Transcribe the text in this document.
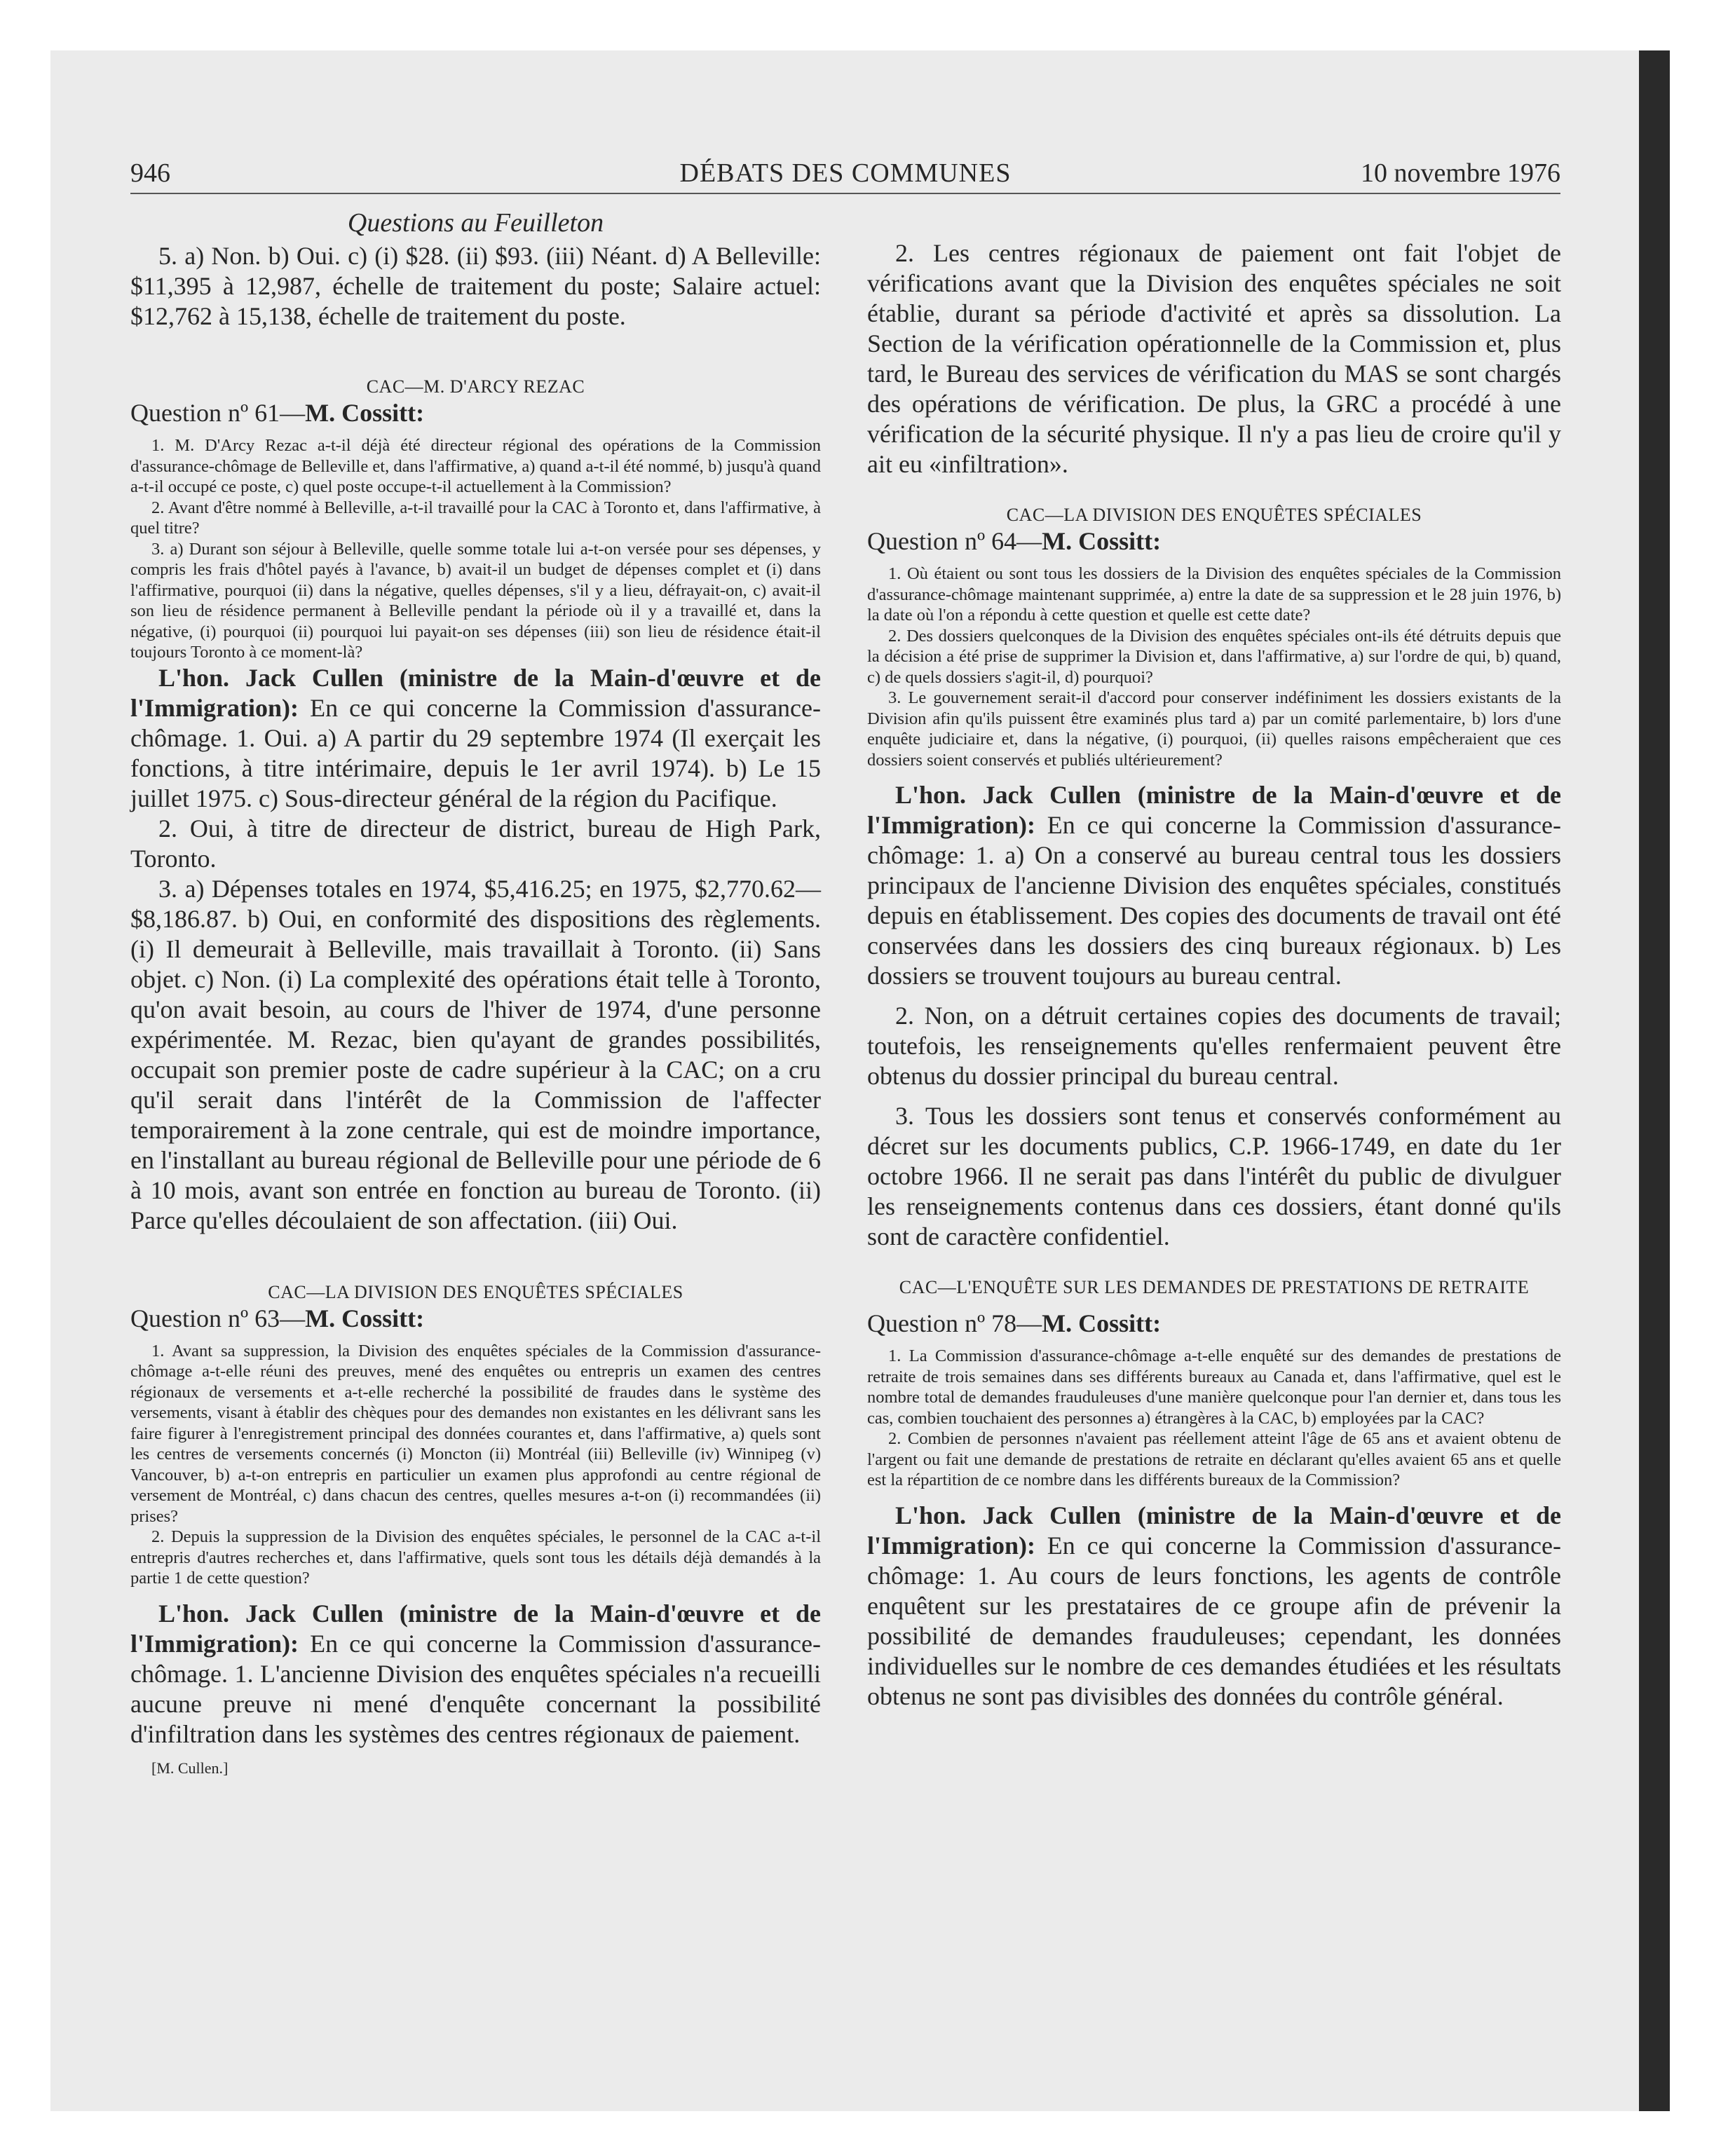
946	DÉBATS DES COMMUNES	10 novembre 1976

Questions au Feuilleton

5. a) Non. b) Oui. c) (i) $28. (ii) $93. (iii) Néant. d) A Belleville: $11,395 à 12,987, échelle de traitement du poste; Salaire actuel: $12,762 à 15,138, échelle de traitement du poste.

CAC—M. D'ARCY REZAC

Question nº 61—M. Cossitt:

1. M. D'Arcy Rezac a-t-il déjà été directeur régional des opérations de la Commission d'assurance-chômage de Belleville et, dans l'affirmative, a) quand a-t-il été nommé, b) jusqu'à quand a-t-il occupé ce poste, c) quel poste occupe-t-il actuellement à la Commission?

2. Avant d'être nommé à Belleville, a-t-il travaillé pour la CAC à Toronto et, dans l'affirmative, à quel titre?

3. a) Durant son séjour à Belleville, quelle somme totale lui a-t-on versée pour ses dépenses, y compris les frais d'hôtel payés à l'avance, b) avait-il un budget de dépenses complet et (i) dans l'affirmative, pourquoi (ii) dans la négative, quelles dépenses, s'il y a lieu, défrayait-on, c) avait-il son lieu de résidence permanent à Belleville pendant la période où il y a travaillé et, dans la négative, (i) pourquoi (ii) pourquoi lui payait-on ses dépenses (iii) son lieu de résidence était-il toujours Toronto à ce moment-là?

L'hon. Jack Cullen (ministre de la Main-d'œuvre et de l'Immigration): En ce qui concerne la Commission d'assurance-chômage. 1. Oui. a) A partir du 29 septembre 1974 (Il exerçait les fonctions, à titre intérimaire, depuis le 1er avril 1974). b) Le 15 juillet 1975. c) Sous-directeur général de la région du Pacifique.

2. Oui, à titre de directeur de district, bureau de High Park, Toronto.

3. a) Dépenses totales en 1974, $5,416.25; en 1975, $2,770.62—$8,186.87. b) Oui, en conformité des dispositions des règlements. (i) Il demeurait à Belleville, mais travaillait à Toronto. (ii) Sans objet. c) Non. (i) La complexité des opérations était telle à Toronto, qu'on avait besoin, au cours de l'hiver de 1974, d'une personne expérimentée. M. Rezac, bien qu'ayant de grandes possibilités, occupait son premier poste de cadre supérieur à la CAC; on a cru qu'il serait dans l'intérêt de la Commission de l'affecter temporairement à la zone centrale, qui est de moindre importance, en l'installant au bureau régional de Belleville pour une période de 6 à 10 mois, avant son entrée en fonction au bureau de Toronto. (ii) Parce qu'elles découlaient de son affectation. (iii) Oui.

CAC—LA DIVISION DES ENQUÊTES SPÉCIALES

Question nº 63—M. Cossitt:

1. Avant sa suppression, la Division des enquêtes spéciales de la Commission d'assurance-chômage a-t-elle réuni des preuves, mené des enquêtes ou entrepris un examen des centres régionaux de versements et a-t-elle recherché la possibilité de fraudes dans le système des versements, visant à établir des chèques pour des demandes non existantes en les délivrant sans les faire figurer à l'enregistrement principal des données courantes et, dans l'affirmative, a) quels sont les centres de versements concernés (i) Moncton (ii) Montréal (iii) Belleville (iv) Winnipeg (v) Vancouver, b) a-t-on entrepris en particulier un examen plus approfondi au centre régional de versement de Montréal, c) dans chacun des centres, quelles mesures a-t-on (i) recommandées (ii) prises?

2. Depuis la suppression de la Division des enquêtes spéciales, le personnel de la CAC a-t-il entrepris d'autres recherches et, dans l'affirmative, quels sont tous les détails déjà demandés à la partie 1 de cette question?

L'hon. Jack Cullen (ministre de la Main-d'œuvre et de l'Immigration): En ce qui concerne la Commission d'assurance-chômage. 1. L'ancienne Division des enquêtes spéciales n'a recueilli aucune preuve ni mené d'enquête concernant la possibilité d'infiltration dans les systèmes des centres régionaux de paiement.

[M. Cullen.]

2. Les centres régionaux de paiement ont fait l'objet de vérifications avant que la Division des enquêtes spéciales ne soit établie, durant sa période d'activité et après sa dissolution. La Section de la vérification opérationnelle de la Commission et, plus tard, le Bureau des services de vérification du MAS se sont chargés des opérations de vérification. De plus, la GRC a procédé à une vérification de la sécurité physique. Il n'y a pas lieu de croire qu'il y ait eu «infiltration».

CAC—LA DIVISION DES ENQUÊTES SPÉCIALES

Question nº 64—M. Cossitt:

1. Où étaient ou sont tous les dossiers de la Division des enquêtes spéciales de la Commission d'assurance-chômage maintenant supprimée, a) entre la date de sa suppression et le 28 juin 1976, b) la date où l'on a répondu à cette question et quelle est cette date?

2. Des dossiers quelconques de la Division des enquêtes spéciales ont-ils été détruits depuis que la décision a été prise de supprimer la Division et, dans l'affirmative, a) sur l'ordre de qui, b) quand, c) de quels dossiers s'agit-il, d) pourquoi?

3. Le gouvernement serait-il d'accord pour conserver indéfiniment les dossiers existants de la Division afin qu'ils puissent être examinés plus tard a) par un comité parlementaire, b) lors d'une enquête judiciaire et, dans la négative, (i) pourquoi, (ii) quelles raisons empêcheraient que ces dossiers soient conservés et publiés ultérieurement?

L'hon. Jack Cullen (ministre de la Main-d'œuvre et de l'Immigration): En ce qui concerne la Commission d'assurance-chômage: 1. a) On a conservé au bureau central tous les dossiers principaux de l'ancienne Division des enquêtes spéciales, constitués depuis en établissement. Des copies des documents de travail ont été conservées dans les dossiers des cinq bureaux régionaux. b) Les dossiers se trouvent toujours au bureau central.

2. Non, on a détruit certaines copies des documents de travail; toutefois, les renseignements qu'elles renfermaient peuvent être obtenus du dossier principal du bureau central.

3. Tous les dossiers sont tenus et conservés conformément au décret sur les documents publics, C.P. 1966-1749, en date du 1er octobre 1966. Il ne serait pas dans l'intérêt du public de divulguer les renseignements contenus dans ces dossiers, étant donné qu'ils sont de caractère confidentiel.

CAC—L'ENQUÊTE SUR LES DEMANDES DE PRESTATIONS DE RETRAITE

Question nº 78—M. Cossitt:

1. La Commission d'assurance-chômage a-t-elle enquêté sur des demandes de prestations de retraite de trois semaines dans ses différents bureaux au Canada et, dans l'affirmative, quel est le nombre total de demandes frauduleuses d'une manière quelconque pour l'an dernier et, dans tous les cas, combien touchaient des personnes a) étrangères à la CAC, b) employées par la CAC?

2. Combien de personnes n'avaient pas réellement atteint l'âge de 65 ans et avaient obtenu de l'argent ou fait une demande de prestations de retraite en déclarant qu'elles avaient 65 ans et quelle est la répartition de ce nombre dans les différents bureaux de la Commission?

L'hon. Jack Cullen (ministre de la Main-d'œuvre et de l'Immigration): En ce qui concerne la Commission d'assurance-chômage: 1. Au cours de leurs fonctions, les agents de contrôle enquêtent sur les prestataires de ce groupe afin de prévenir la possibilité de demandes frauduleuses; cependant, les données individuelles sur le nombre de ces demandes étudiées et les résultats obtenus ne sont pas divisibles des données du contrôle général.
